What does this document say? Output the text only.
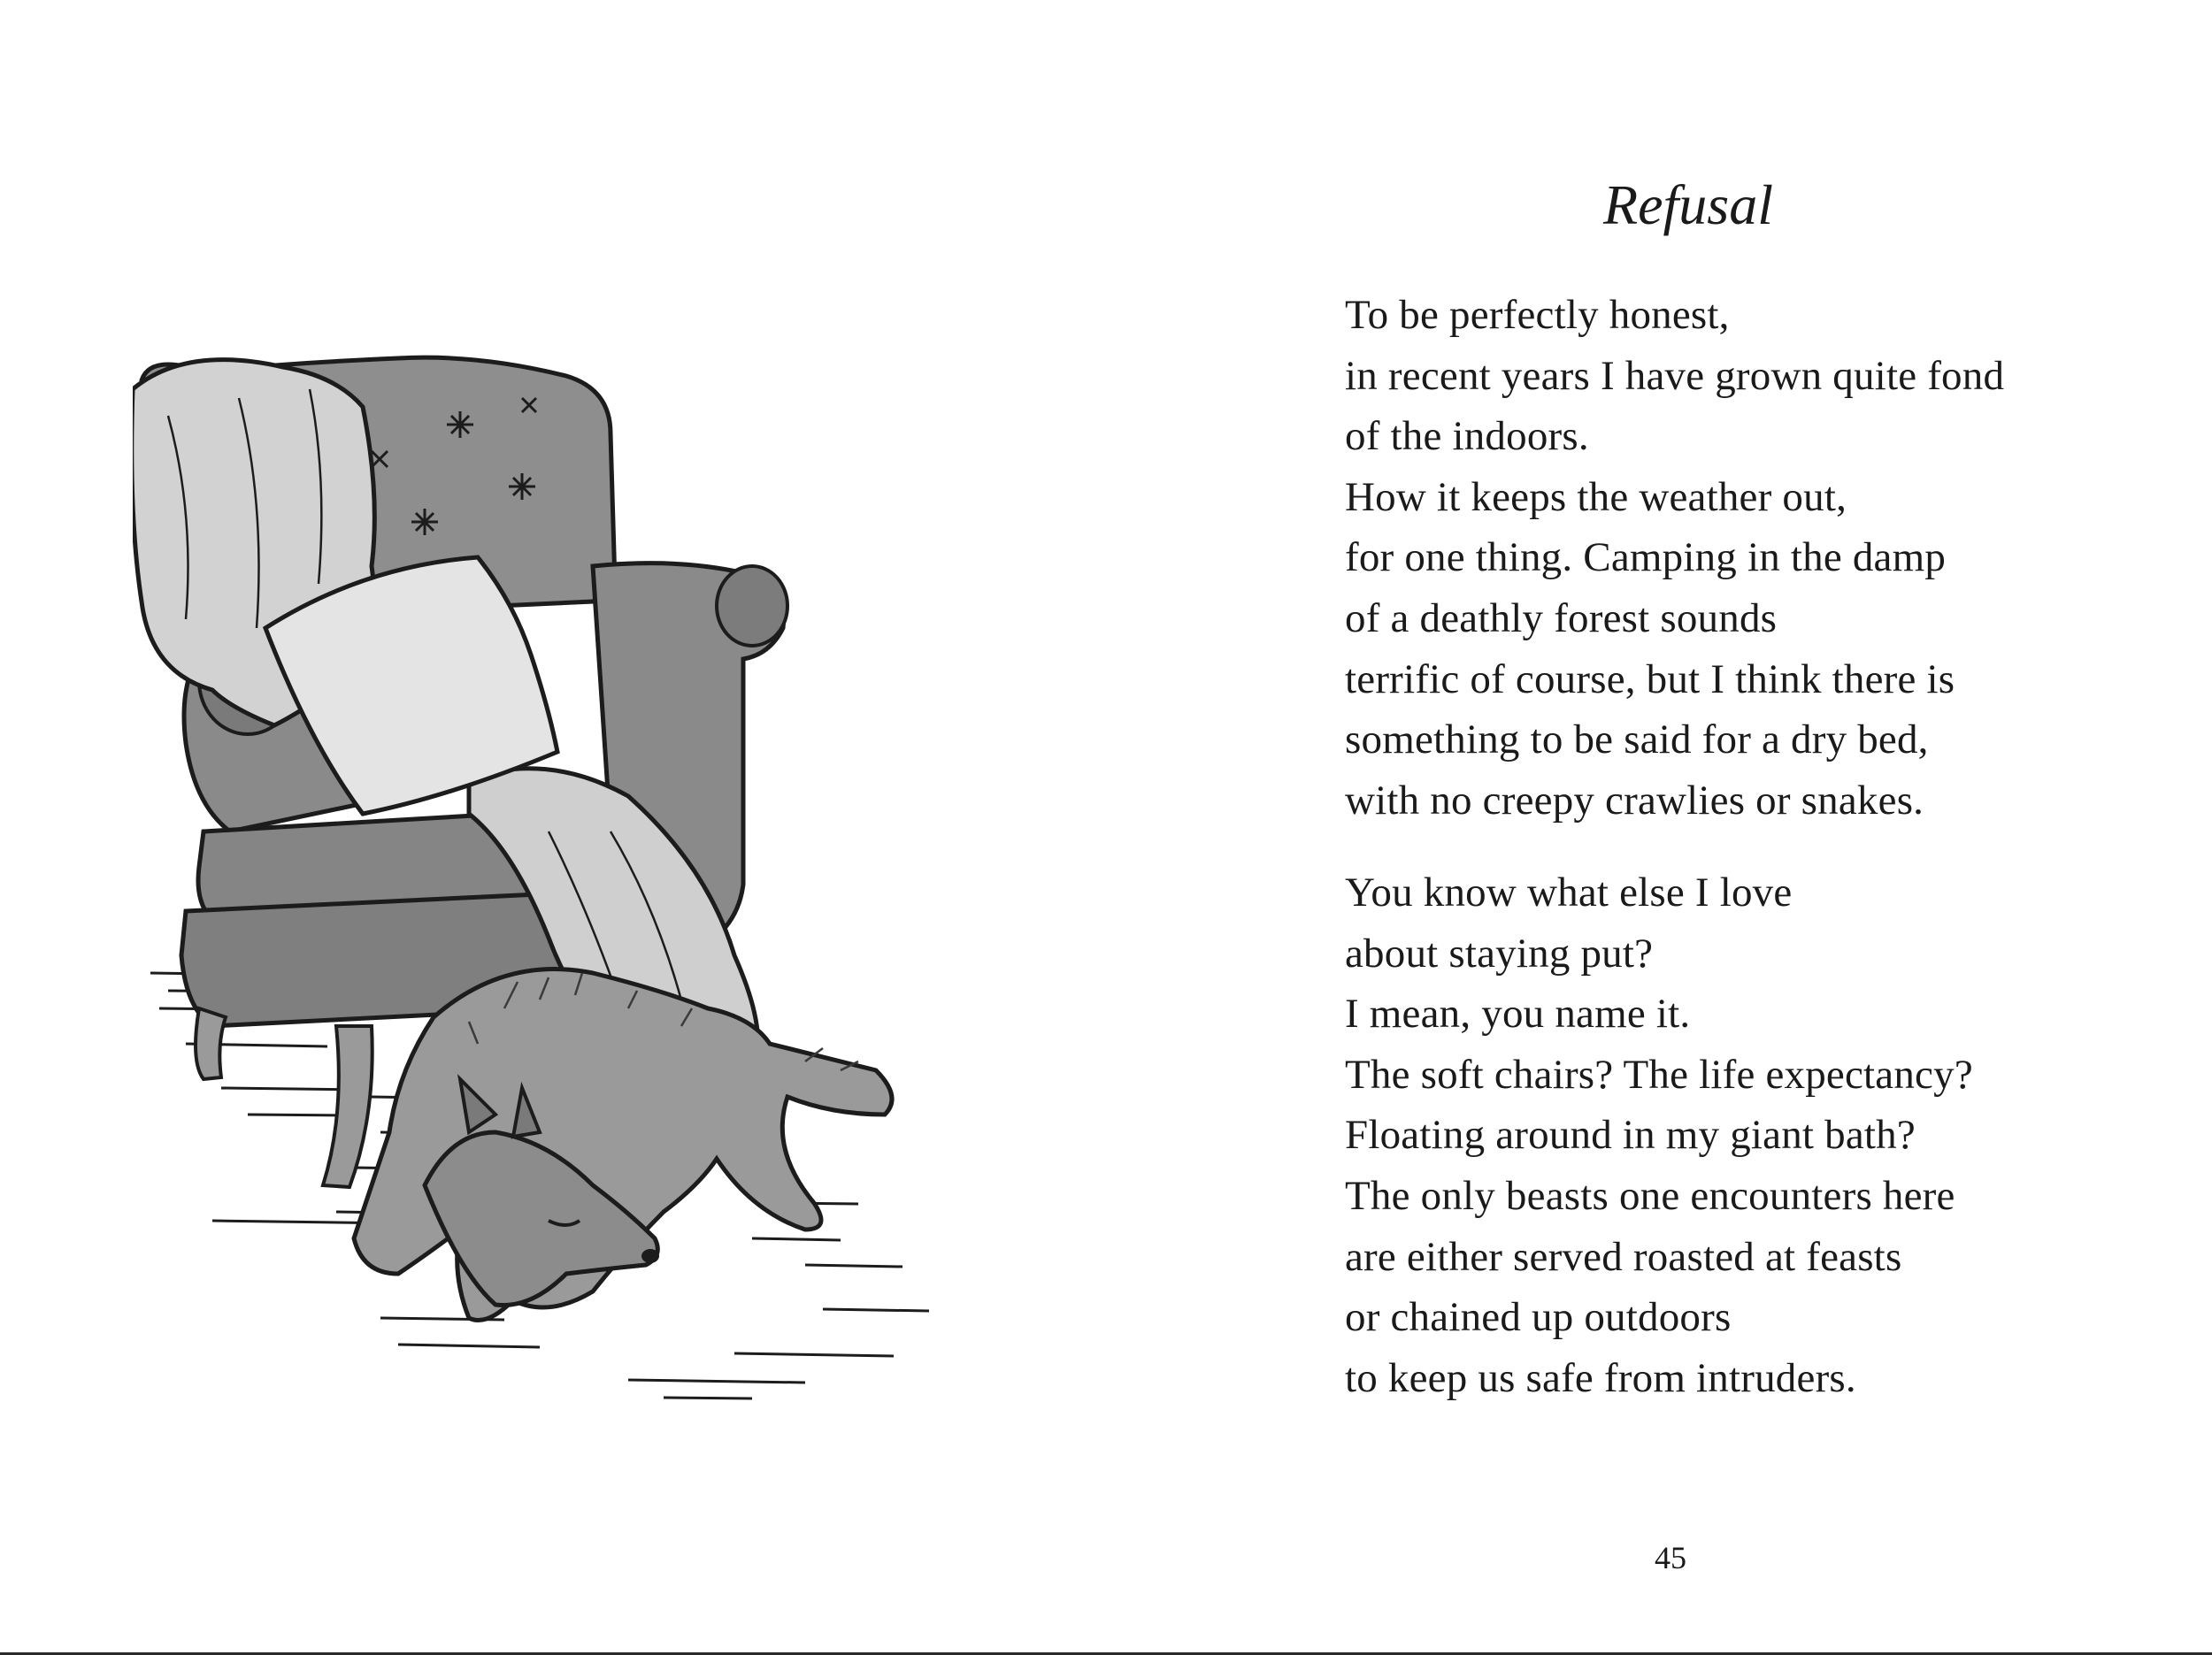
Refusal
To be perfectly honest,
in recent years I have grown quite fond
of the indoors.
How it keeps the weather out,
for one thing. Camping in the damp
of a deathly forest sounds
terrific of course, but I think there is
something to be said for a dry bed,
with no creepy crawlies or snakes.
You know what else I love
about staying put?
I mean, you name it.
The soft chairs? The life expectancy?
Floating around in my giant bath?
The only beasts one encounters here
are either served roasted at feasts
or chained up outdoors
to keep us safe from intruders.
45
